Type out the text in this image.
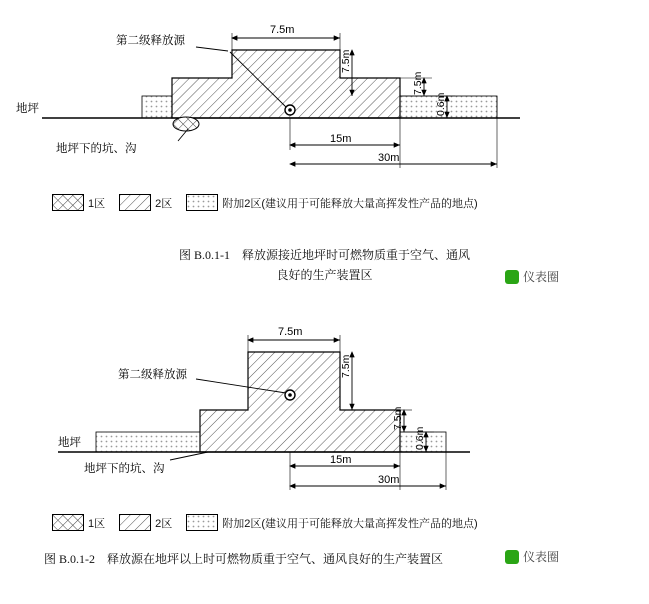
第二级释放源
地坪
地坪下的坑、沟
7.5m
7.5m
7.5m
0.6m
15m
30m
1区	2区	附加2区(建议用于可能释放大量高挥发性产品的地点)
图 B.0.1-1 释放源接近地坪时可燃物质重于空气、通风
良好的生产装置区	仪表圈
第二级释放源
地坪
地坪下的坑、沟
7.5m
7.5m
7.5m
0.6m
15m
30m
1区	2区	附加2区(建议用于可能释放大量高挥发性产品的地点)
图 B.0.1-2 释放源在地坪以上时可燃物质重于空气、通风良好的生产装置区	仪表圈
